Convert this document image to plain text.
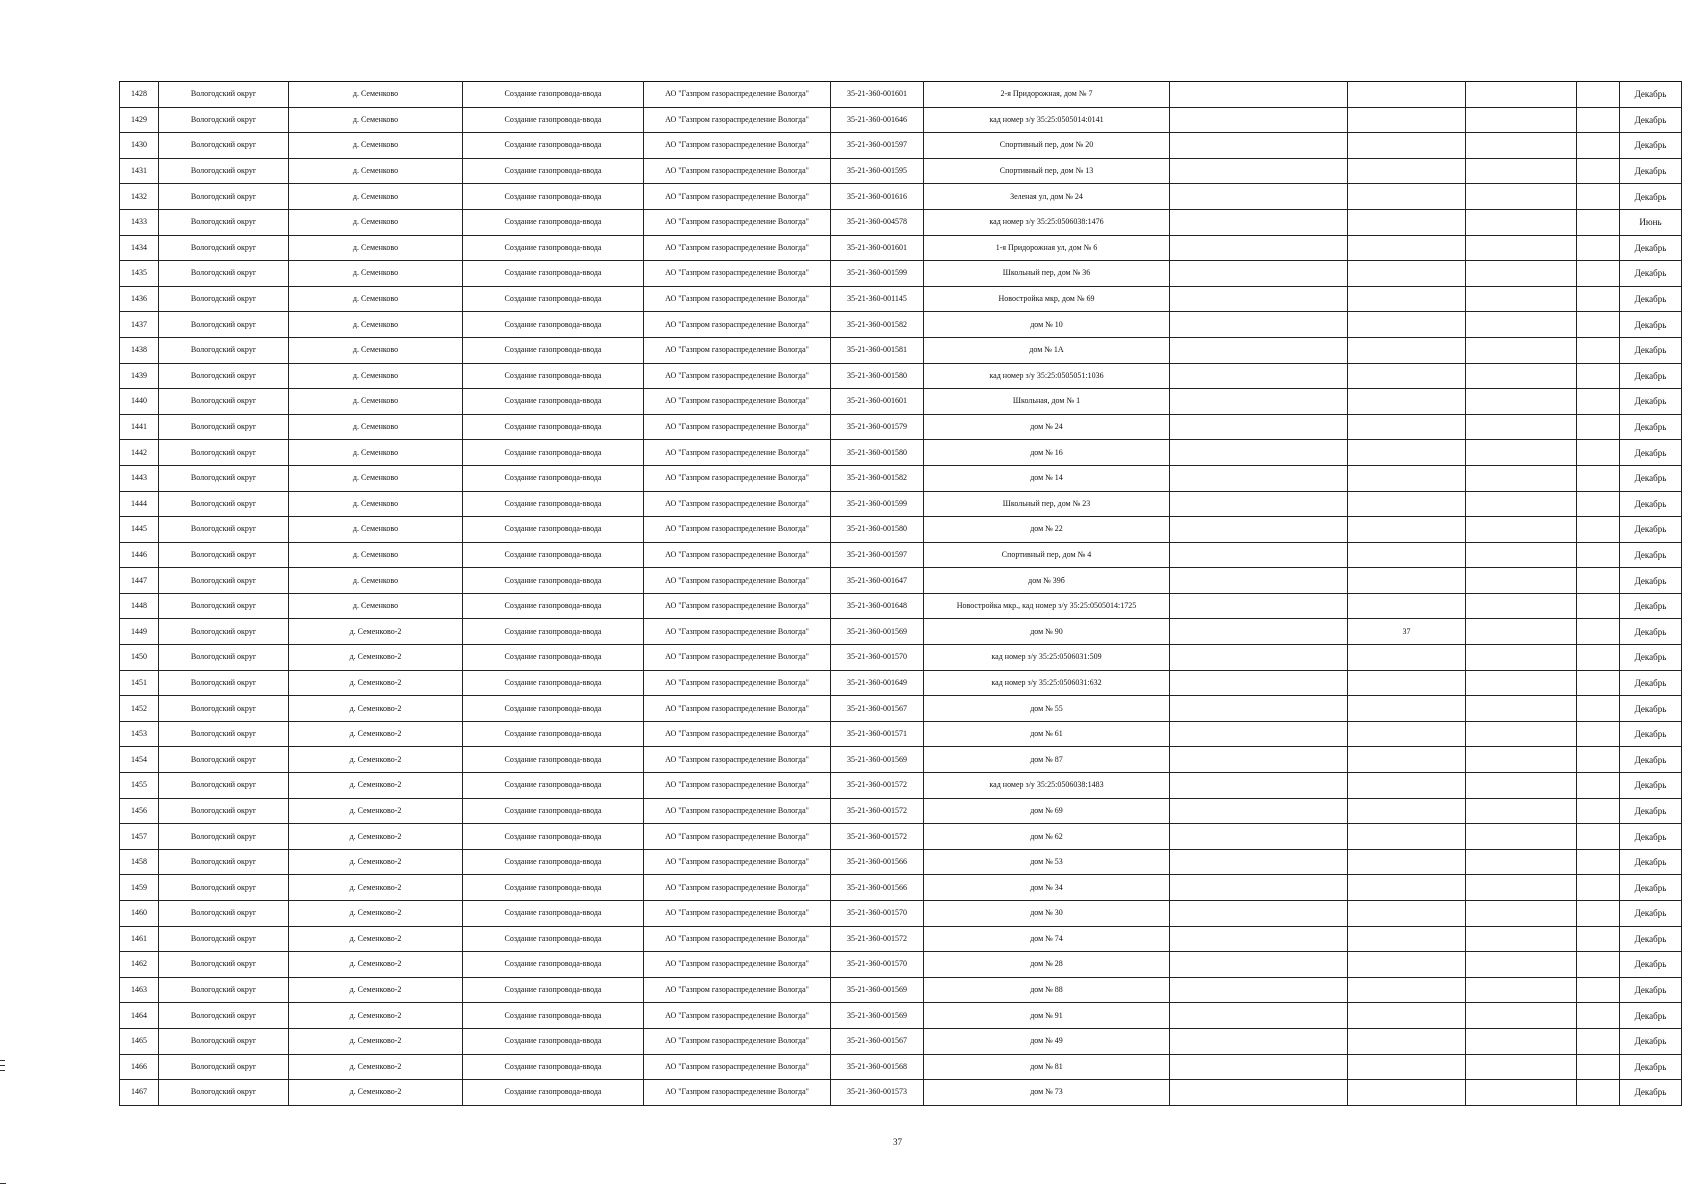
1428	Вологодский округ	д. Семенково	Создание газопровода-ввода	АО "Газпром газораспределение Вологда"	35-21-360-001601	2-я Придорожная, дом № 7					Декабрь	
1429	Вологодский округ	д. Семенково	Создание газопровода-ввода	АО "Газпром газораспределение Вологда"	35-21-360-001646	кад номер з/у 35:25:0505014:0141					Декабрь	
1430	Вологодский округ	д. Семенково	Создание газопровода-ввода	АО "Газпром газораспределение Вологда"	35-21-360-001597	Спортивный пер, дом № 20					Декабрь	
1431	Вологодский округ	д. Семенково	Создание газопровода-ввода	АО "Газпром газораспределение Вологда"	35-21-360-001595	Спортивный пер, дом № 13					Декабрь	
1432	Вологодский округ	д. Семенково	Создание газопровода-ввода	АО "Газпром газораспределение Вологда"	35-21-360-001616	Зеленая ул, дом № 24					Декабрь	
1433	Вологодский округ	д. Семенково	Создание газопровода-ввода	АО "Газпром газораспределение Вологда"	35-21-360-004578	кад номер з/у 35:25:0506038:1476					Июнь	
1434	Вологодский округ	д. Семенково	Создание газопровода-ввода	АО "Газпром газораспределение Вологда"	35-21-360-001601	1-я Придорожная ул, дом № 6					Декабрь	
1435	Вологодский округ	д. Семенково	Создание газопровода-ввода	АО "Газпром газораспределение Вологда"	35-21-360-001599	Школьный пер, дом № 36					Декабрь	
1436	Вологодский округ	д. Семенково	Создание газопровода-ввода	АО "Газпром газораспределение Вологда"	35-21-360-001145	Новостройка мкр, дом № 69					Декабрь	
1437	Вологодский округ	д. Семенково	Создание газопровода-ввода	АО "Газпром газораспределение Вологда"	35-21-360-001582	дом № 10					Декабрь	
1438	Вологодский округ	д. Семенково	Создание газопровода-ввода	АО "Газпром газораспределение Вологда"	35-21-360-001581	дом № 1А					Декабрь	
1439	Вологодский округ	д. Семенково	Создание газопровода-ввода	АО "Газпром газораспределение Вологда"	35-21-360-001580	кад номер з/у 35:25:0505051:1036					Декабрь	
1440	Вологодский округ	д. Семенково	Создание газопровода-ввода	АО "Газпром газораспределение Вологда"	35-21-360-001601	Школьная, дом № 1					Декабрь	
1441	Вологодский округ	д. Семенково	Создание газопровода-ввода	АО "Газпром газораспределение Вологда"	35-21-360-001579	дом № 24					Декабрь	
1442	Вологодский округ	д. Семенково	Создание газопровода-ввода	АО "Газпром газораспределение Вологда"	35-21-360-001580	дом № 16					Декабрь	
1443	Вологодский округ	д. Семенково	Создание газопровода-ввода	АО "Газпром газораспределение Вологда"	35-21-360-001582	дом № 14					Декабрь	
1444	Вологодский округ	д. Семенково	Создание газопровода-ввода	АО "Газпром газораспределение Вологда"	35-21-360-001599	Школьный пер, дом № 23					Декабрь	
1445	Вологодский округ	д. Семенково	Создание газопровода-ввода	АО "Газпром газораспределение Вологда"	35-21-360-001580	дом № 22					Декабрь	
1446	Вологодский округ	д. Семенково	Создание газопровода-ввода	АО "Газпром газораспределение Вологда"	35-21-360-001597	Спортивный пер, дом № 4					Декабрь	
1447	Вологодский округ	д. Семенково	Создание газопровода-ввода	АО "Газпром газораспределение Вологда"	35-21-360-001647	дом № 39б					Декабрь	
1448	Вологодский округ	д. Семенково	Создание газопровода-ввода	АО "Газпром газораспределение Вологда"	35-21-360-001648	Новостройка мкр., кад номер з/у 35:25:0505014:1725					Декабрь	
1449	Вологодский округ	д. Семенково-2	Создание газопровода-ввода	АО "Газпром газораспределение Вологда"	35-21-360-001569	дом № 90		37			Декабрь	
1450	Вологодский округ	д. Семенково-2	Создание газопровода-ввода	АО "Газпром газораспределение Вологда"	35-21-360-001570	кад номер з/у 35:25:0506031:509					Декабрь	
1451	Вологодский округ	д. Семенково-2	Создание газопровода-ввода	АО "Газпром газораспределение Вологда"	35-21-360-001649	кад номер з/у 35:25:0506031:632					Декабрь	
1452	Вологодский округ	д. Семенково-2	Создание газопровода-ввода	АО "Газпром газораспределение Вологда"	35-21-360-001567	дом № 55					Декабрь	
1453	Вологодский округ	д. Семенково-2	Создание газопровода-ввода	АО "Газпром газораспределение Вологда"	35-21-360-001571	дом № 61					Декабрь	
1454	Вологодский округ	д. Семенково-2	Создание газопровода-ввода	АО "Газпром газораспределение Вологда"	35-21-360-001569	дом № 87					Декабрь	
1455	Вологодский округ	д. Семенково-2	Создание газопровода-ввода	АО "Газпром газораспределение Вологда"	35-21-360-001572	кад номер з/у 35:25:0506038:1483					Декабрь	
1456	Вологодский округ	д. Семенково-2	Создание газопровода-ввода	АО "Газпром газораспределение Вологда"	35-21-360-001572	дом № 69					Декабрь	
1457	Вологодский округ	д. Семенково-2	Создание газопровода-ввода	АО "Газпром газораспределение Вологда"	35-21-360-001572	дом № 62					Декабрь	
1458	Вологодский округ	д. Семенково-2	Создание газопровода-ввода	АО "Газпром газораспределение Вологда"	35-21-360-001566	дом № 53					Декабрь	
1459	Вологодский округ	д. Семенково-2	Создание газопровода-ввода	АО "Газпром газораспределение Вологда"	35-21-360-001566	дом № 34					Декабрь	
1460	Вологодский округ	д. Семенково-2	Создание газопровода-ввода	АО "Газпром газораспределение Вологда"	35-21-360-001570	дом № 30					Декабрь	
1461	Вологодский округ	д. Семенково-2	Создание газопровода-ввода	АО "Газпром газораспределение Вологда"	35-21-360-001572	дом № 74					Декабрь	
1462	Вологодский округ	д. Семенково-2	Создание газопровода-ввода	АО "Газпром газораспределение Вологда"	35-21-360-001570	дом № 28					Декабрь	
1463	Вологодский округ	д. Семенково-2	Создание газопровода-ввода	АО "Газпром газораспределение Вологда"	35-21-360-001569	дом № 88					Декабрь	
1464	Вологодский округ	д. Семенково-2	Создание газопровода-ввода	АО "Газпром газораспределение Вологда"	35-21-360-001569	дом № 91					Декабрь	
1465	Вологодский округ	д. Семенково-2	Создание газопровода-ввода	АО "Газпром газораспределение Вологда"	35-21-360-001567	дом № 49					Декабрь	
1466	Вологодский округ	д. Семенково-2	Создание газопровода-ввода	АО "Газпром газораспределение Вологда"	35-21-360-001568	дом № 81					Декабрь	
1467	Вологодский округ	д. Семенково-2	Создание газопровода-ввода	АО "Газпром газораспределение Вологда"	35-21-360-001573	дом № 73					Декабрь	
37
